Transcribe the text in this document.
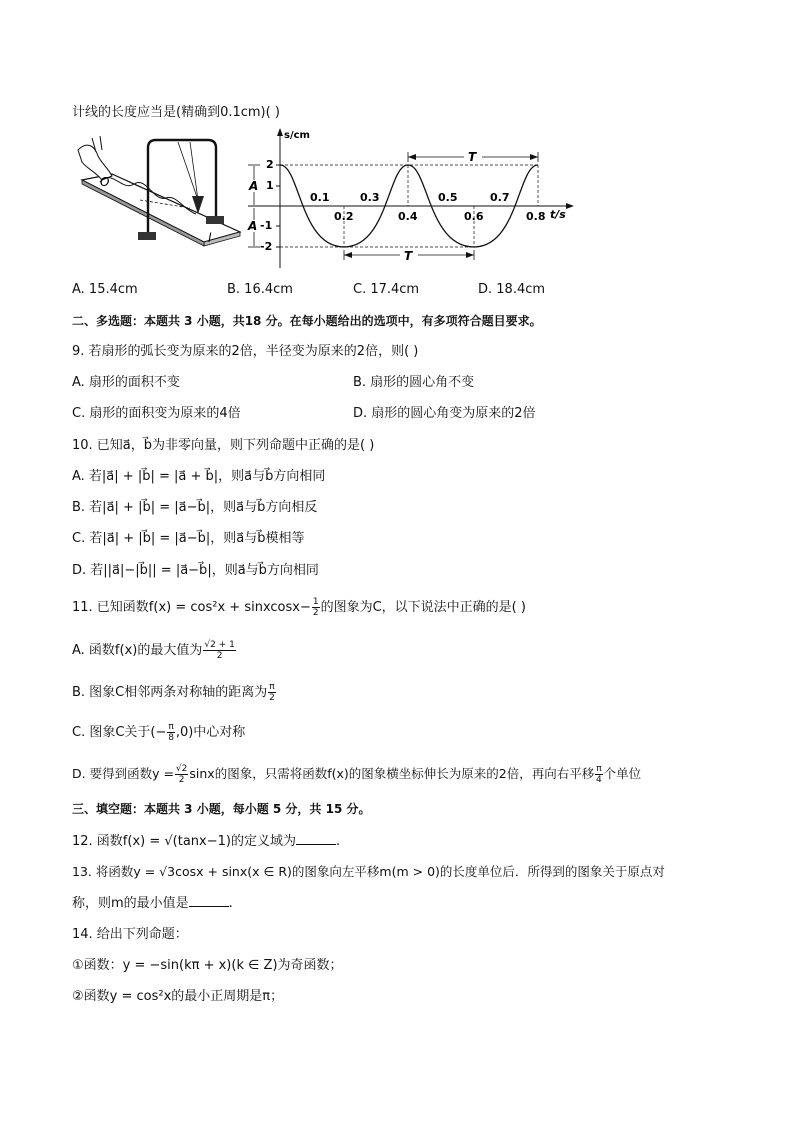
计线的长度应当是(精确到0.1cm)( )
O
l
s/cm
t/s
2
1
-1
-2
A
A
0.1	0.3	0.5	0.7
0.2	0.4	0.6	0.8
T
T
A. 15.4cm	B. 16.4cm	C. 17.4cm	D. 18.4cm
二、多选题：本题共 3 小题，共18 分。在每小题给出的选项中，有多项符合题目要求。
9. 若扇形的弧长变为原来的2倍，半径变为原来的2倍，则( )
A. 扇形的面积不变	B. 扇形的圆心角不变
C. 扇形的面积变为原来的4倍	D. 扇形的圆心角变为原来的2倍
10. 已知a⃗，b⃗为非零向量，则下列命题中正确的是( )
A. 若|a⃗| + |b⃗| = |a⃗ + b⃗|，则a⃗与b⃗方向相同
B. 若|a⃗| + |b⃗| = |a⃗−b⃗|，则a⃗与b⃗方向相反
C. 若|a⃗| + |b⃗| = |a⃗−b⃗|，则a⃗与b⃗模相等
D. 若||a⃗|−|b⃗|| = |a⃗−b⃗|，则a⃗与b⃗方向相同
11. 已知函数f(x) = cos²x + sinxcosx− $\frac{1}{2}$ 的图象为C，以下说法中正确的是( )
A. 函数f(x)的最大值为 $\frac{√2 + 1}{2}$
B. 图象C相邻两条对称轴的距离为 $\frac{\pi}{2}$
C. 图象C关于(− $\frac{\pi}{8} ,0$)中心对称
D. 要得到函数$y = \frac{√2}{2}$ sinx的图象，只需将函数f(x)的图象横坐标伸长为原来的2倍，再向右平移 $\frac{\pi}{4}$ 个单位
三、填空题：本题共 3 小题，每小题 5 分，共 15 分。
12. 函数f(x) = √(tanx−1)的定义域为	.
13. 将函数y = √3cosx + sinx(x ∈ R)的图象向左平移m(m > 0)的长度单位后．所得到的图象关于原点对
称，则m的最小值是	.
14. 给出下列命题：
①函数：y = −sin(kπ + x)(k ∈ Z)为奇函数；
②函数y = cos²x的最小正周期是π；
